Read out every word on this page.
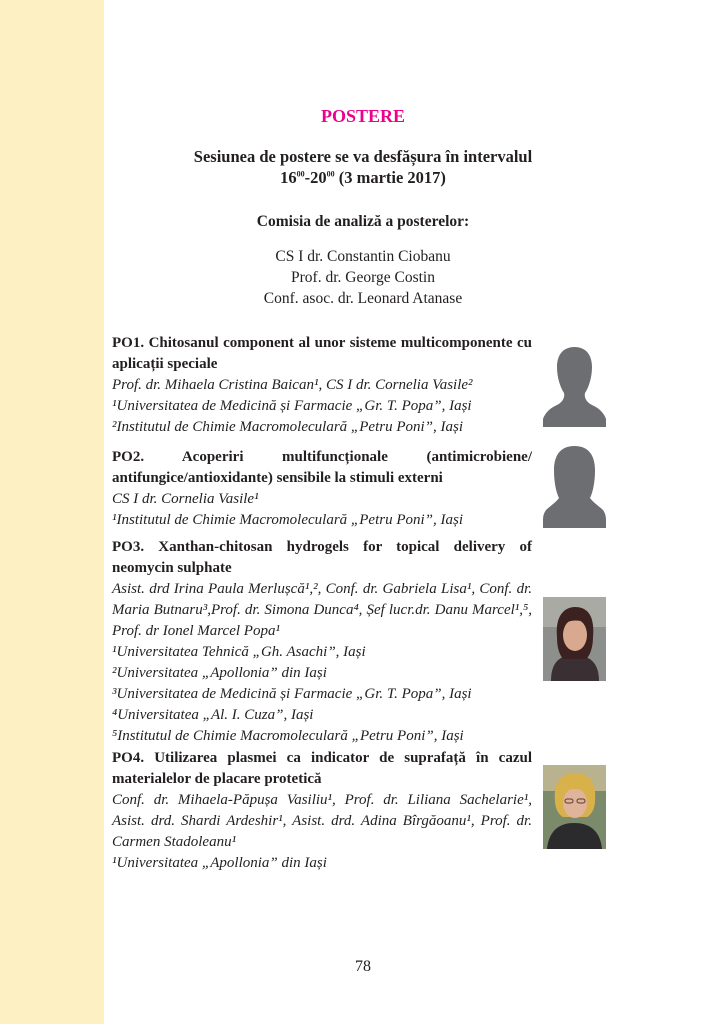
POSTERE
Sesiunea de postere se va desfășura în intervalul
$16^{00}-20^{00}$ (3 martie 2017)
Comisia de analiză a posterelor:
CS I dr. Constantin Ciobanu
Prof. dr. George Costin
Conf. asoc. dr. Leonard Atanase
PO1. Chitosanul component al unor sisteme multicomponente cu aplicații speciale
Prof. dr. Mihaela Cristina Baican¹, CS I dr. Cornelia Vasile²
¹Universitatea de Medicină și Farmacie „Gr. T. Popa”, Iași
²Institutul de Chimie Macromoleculară „Petru Poni”, Iași
PO2.	Acoperiri multifuncționale (antimicrobiene/ antifungice/antioxidante) sensibile la stimuli externi
CS I dr. Cornelia Vasile¹
¹Institutul de Chimie Macromoleculară „Petru Poni”, Iași
PO3. Xanthan-chitosan hydrogels for topical delivery of neomycin sulphate
Asist. drd Irina Paula Merlușcă¹,², Conf. dr. Gabriela Lisa¹, Conf. dr. Maria Butnaru³,Prof. dr. Simona Dunca⁴, Șef lucr.dr. Danu Marcel¹,⁵, Prof. dr Ionel Marcel Popa¹
¹Universitatea Tehnică „Gh. Asachi”, Iași
²Universitatea „Apollonia” din Iași
³Universitatea de Medicină și Farmacie „Gr. T. Popa”, Iași
⁴Universitatea „Al. I. Cuza”, Iași
⁵Institutul de Chimie Macromoleculară „Petru Poni”, Iași
PO4. Utilizarea plasmei ca indicator de suprafață în cazul materialelor de placare protetică
Conf. dr. Mihaela-Păpușa Vasiliu¹, Prof. dr. Liliana Sachelarie¹, Asist. drd. Shardi Ardeshir¹, Asist. drd. Adina Bîrgăoanu¹, Prof. dr. Carmen Stadoleanu¹
¹Universitatea „Apollonia” din Iași
78
